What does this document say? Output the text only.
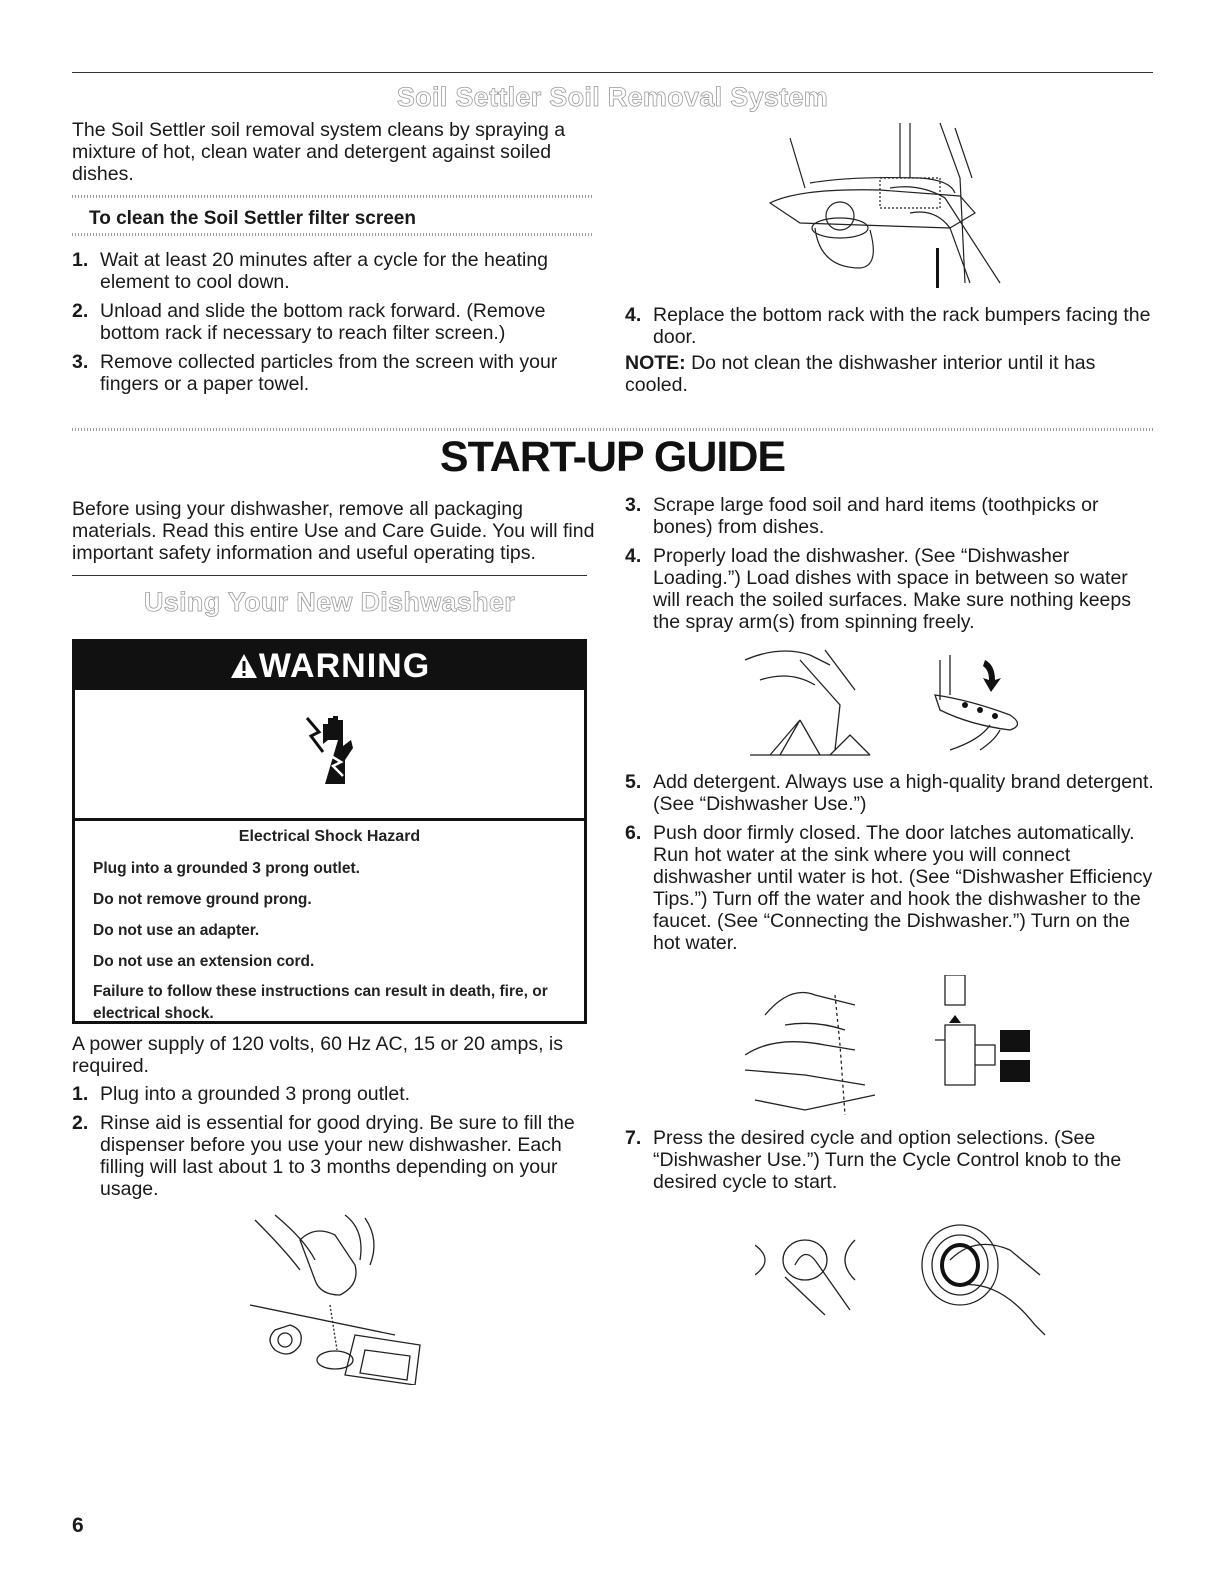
Soil Settler Soil Removal System

The Soil Settler soil removal system cleans by spraying a mixture of hot, clean water and detergent against soiled dishes.

To clean the Soil Settler filter screen
1. Wait at least 20 minutes after a cycle for the heating element to cool down.
2. Unload and slide the bottom rack forward. (Remove bottom rack if necessary to reach filter screen.)
3. Remove collected particles from the screen with your fingers or a paper towel.
4. Replace the bottom rack with the rack bumpers facing the door.

NOTE: Do not clean the dishwasher interior until it has cooled.

START-UP GUIDE

Before using your dishwasher, remove all packaging materials. Read this entire Use and Care Guide. You will find important safety information and useful operating tips.

Using Your New Dishwasher
WARNING
Electrical Shock Hazard
Plug into a grounded 3 prong outlet.
Do not remove ground prong.
Do not use an adapter.
Do not use an extension cord.
Failure to follow these instructions can result in death, fire, or electrical shock.

A power supply of 120 volts, 60 Hz AC, 15 or 20 amps, is required.

1. Plug into a grounded 3 prong outlet.
2. Rinse aid is essential for good drying. Be sure to fill the dispenser before you use your new dishwasher. Each filling will last about 1 to 3 months depending on your usage.
3. Scrape large food soil and hard items (toothpicks or bones) from dishes.
4. Properly load the dishwasher. (See “Dishwasher Loading.”) Load dishes with space in between so water will reach the soiled surfaces. Make sure nothing keeps the spray arm(s) from spinning freely.
5. Add detergent. Always use a high-quality brand detergent. (See “Dishwasher Use.”)
6. Push door firmly closed. The door latches automatically. Run hot water at the sink where you will connect dishwasher until water is hot. (See “Dishwasher Efficiency Tips.”) Turn off the water and hook the dishwasher to the faucet. (See “Connecting the Dishwasher.”) Turn on the hot water.
7. Press the desired cycle and option selections. (See “Dishwasher Use.”) Turn the Cycle Control knob to the desired cycle to start.
6
